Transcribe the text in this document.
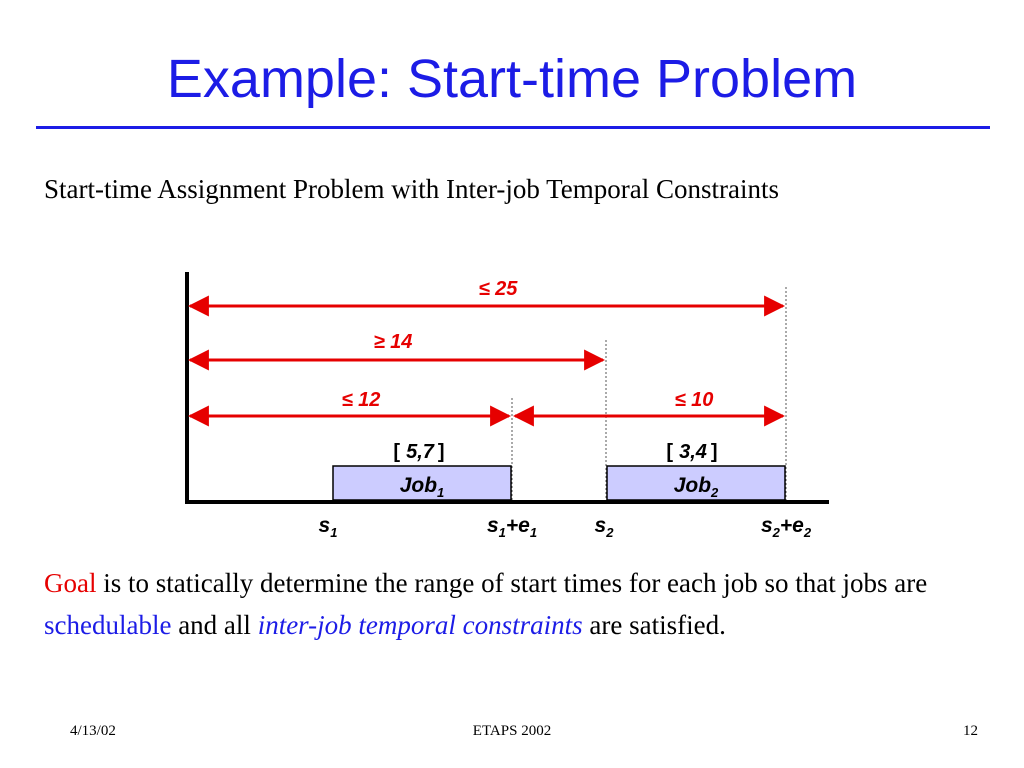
Example: Start-time Problem
Start-time Assignment Problem with Inter-job Temporal Constraints
≤ 25
≥ 14
≤ 12	≤ 10
[ 5,7 ]	[ 3,4 ]
Job$_1$	Job$_2$
$s_1$	$s_1+e_1$	$s_2$	$s_2+e_2$
Goal is to statically determine the range of start times for each job so that jobs are schedulable and all inter-job temporal constraints are satisfied.
4/13/02	ETAPS 2002	12
